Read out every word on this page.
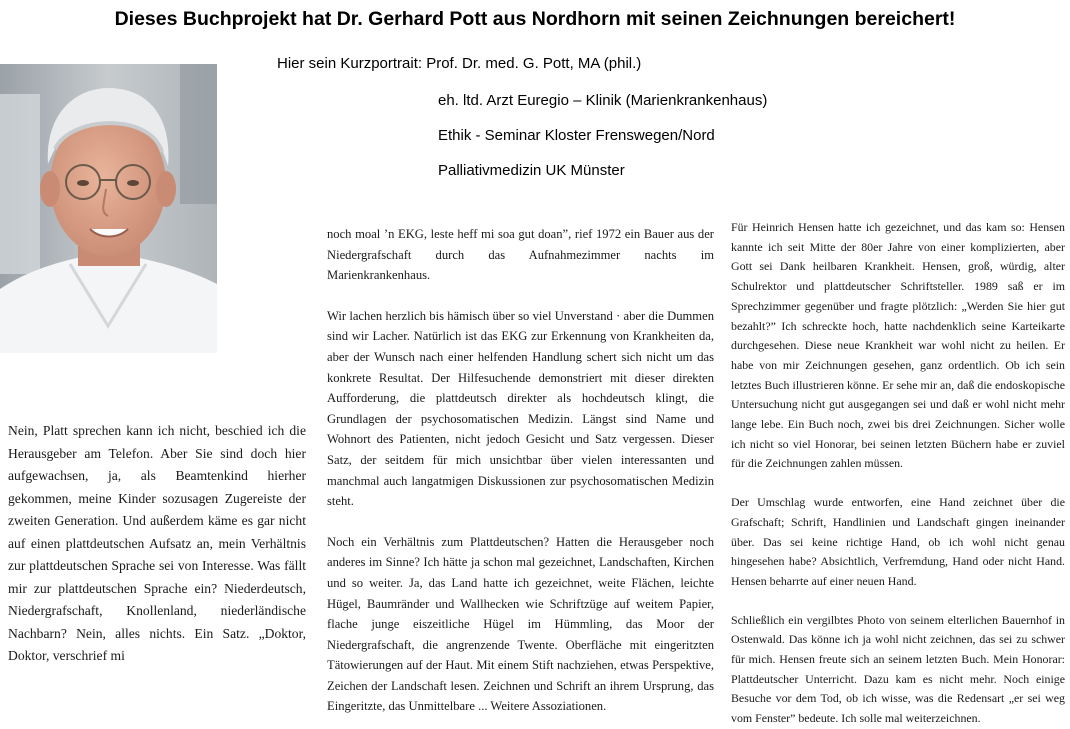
Dieses Buchprojekt hat Dr. Gerhard Pott aus Nordhorn mit seinen Zeichnungen bereichert!
Hier sein Kurzportrait: Prof. Dr. med. G. Pott, MA (phil.)
eh. ltd. Arzt Euregio – Klinik (Marienkrankenhaus)
Ethik - Seminar Kloster Frenswegen/Nord
Palliativmedizin UK Münster

Nein, Platt sprechen kann ich nicht, beschied ich die Herausgeber am Telefon. Aber Sie sind doch hier aufgewachsen, ja, als Beamtenkind hierher gekommen, meine Kinder sozusagen Zugereiste der zweiten Generation. Und außerdem käme es gar nicht auf einen plattdeutschen Aufsatz an, mein Verhältnis zur plattdeutschen Sprache sei von Interesse. Was fällt mir zur plattdeutschen Sprache ein? Niederdeutsch, Niedergrafschaft, Knollenland, niederländische Nachbarn? Nein, alles nichts. Ein Satz. „Doktor, Doktor, verschrief mi

noch moal ’n EKG, leste heff mi soa gut doan”, rief 1972 ein Bauer aus der Niedergrafschaft durch das Aufnahmezimmer nachts im Marienkrankenhaus.

Wir lachen herzlich bis hämisch über so viel Unverstand · aber die Dummen sind wir Lacher. Natürlich ist das EKG zur Erkennung von Krankheiten da, aber der Wunsch nach einer helfenden Handlung schert sich nicht um das konkrete Resultat. Der Hilfesuchende demonstriert mit dieser direkten Aufforderung, die plattdeutsch direkter als hochdeutsch klingt, die Grundlagen der psychosomatischen Medizin. Längst sind Name und Wohnort des Patienten, nicht jedoch Gesicht und Satz vergessen. Dieser Satz, der seitdem für mich unsichtbar über vielen interessanten und manchmal auch langatmigen Diskussionen zur psychosomatischen Medizin steht.

Noch ein Verhältnis zum Plattdeutschen? Hatten die Herausgeber noch anderes im Sinne? Ich hätte ja schon mal gezeichnet, Landschaften, Kirchen und so weiter. Ja, das Land hatte ich gezeichnet, weite Flächen, leichte Hügel, Baumränder und Wallhecken wie Schriftzüge auf weitem Papier, flache junge eiszeitliche Hügel im Hümmling, das Moor der Niedergrafschaft, die angrenzende Twente. Oberfläche mit eingeritzten Tätowierungen auf der Haut. Mit einem Stift nachziehen, etwas Perspektive, Zeichen der Landschaft lesen. Zeichnen und Schrift an ihrem Ursprung, das Eingeritzte, das Unmittelbare ... Weitere Assoziationen.

Für Heinrich Hensen hatte ich gezeichnet, und das kam so: Hensen kannte ich seit Mitte der 80er Jahre von einer komplizierten, aber Gott sei Dank heilbaren Krankheit. Hensen, groß, würdig, alter Schulrektor und plattdeutscher Schriftsteller. 1989 saß er im Sprechzimmer gegenüber und fragte plötzlich: „Werden Sie hier gut bezahlt?” Ich schreckte hoch, hatte nachdenklich seine Karteikarte durchgesehen. Diese neue Krankheit war wohl nicht zu heilen. Er habe von mir Zeichnungen gesehen, ganz ordentlich. Ob ich sein letztes Buch illustrieren könne. Er sehe mir an, daß die endoskopische Untersuchung nicht gut ausgegangen sei und daß er wohl nicht mehr lange lebe. Ein Buch noch, zwei bis drei Zeichnungen. Sicher wolle ich nicht so viel Honorar, bei seinen letzten Büchern habe er zuviel für die Zeichnungen zahlen müssen.

Der Umschlag wurde entworfen, eine Hand zeichnet über die Grafschaft; Schrift, Handlinien und Landschaft gingen ineinander über. Das sei keine richtige Hand, ob ich wohl nicht genau hingesehen habe? Absichtlich, Verfremdung, Hand oder nicht Hand. Hensen beharrte auf einer neuen Hand.

Schließlich ein vergilbtes Photo von seinem elterlichen Bauernhof in Ostenwald. Das könne ich ja wohl nicht zeichnen, das sei zu schwer für mich. Hensen freute sich an seinem letzten Buch. Mein Honorar: Plattdeutscher Unterricht. Dazu kam es nicht mehr. Noch einige Besuche vor dem Tod, ob ich wisse, was die Redensart „er sei weg vom Fenster” bedeute. Ich solle mal weiterzeichnen.
